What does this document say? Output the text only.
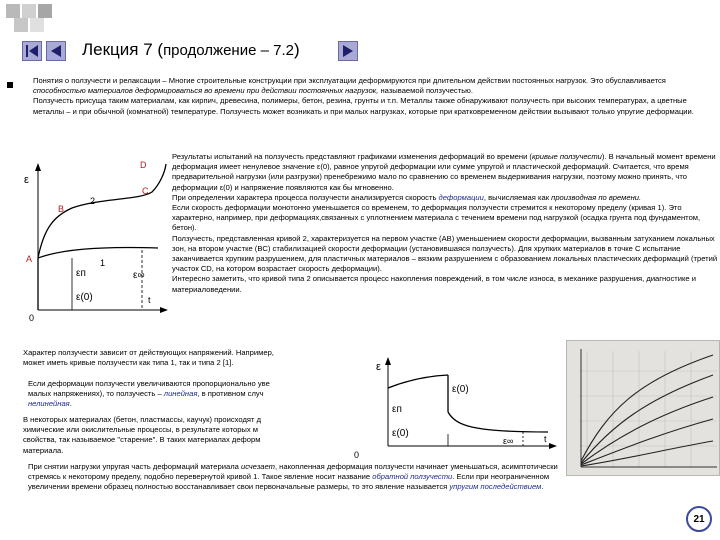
Лекция 7 (продолжение – 7.2)
Понятия о ползучести и релаксации – Многие строительные конструкции при эксплуатации деформируются при длительном действии постоянных нагрузок. Это обуславливается способностью материалов деформироваться во времени при действии постоянных нагрузок, называемой ползучестью.
Ползучесть присуща таким материалам, как кирпич, древесина, полимеры, бетон, резина, грунты и т.п. Металлы также обнаруживают ползучесть при высоких температурах, а цветные металлы – и при обычной (комнатной) температуре. Ползучесть может возникать и при малых нагрузках, которые при кратковременном действии вызывают только упругие деформации.
ε
t
0
A
B
C
D
1
2
εп
ε(0)
ε∞
Результаты испытаний на ползучесть представляют графиками изменения деформаций во времени (кривые ползучести). В начальный момент времени деформация имеет ненулевое значение ε(0), равное упругой деформации или сумме упругой и пластической деформаций. Считается, что время предварительной нагрузки (или разгрузки) пренебрежимо мало по сравнению со временем выдерживания нагрузки, поэтому можно принять, что деформации ε(0) и напряжение появляются как бы мгновенно.
При определении характера процесса ползучести анализируется скорость деформации, вычисляемая как производная по времени.
Если скорость деформации монотонно уменьшается со временем, то деформация ползучести стремится к некоторому пределу (кривая 1). Это характерно, например, при деформациях,связанных с уплотнением материала с течением времени под нагрузкой (осадка грунта под фундаментом, бетон).
Ползучесть, представленная кривой 2, характеризуется на первом участке (AB) уменьшением скорости деформации, вызванным затуханием локальных зон, на втором участке (BC) стабилизацией скорости деформации (установившаяся ползучесть). Для хрупких материалов в точке C испытание заканчивается хрупким разрушением, для пластичных материалов – вязким разрушением с образованием локальных пластических деформаций (третий участок CD, на котором возрастает скорость деформации).
Интересно заметить, что кривой типа 2 описывается процесс накопления повреждений, в том числе износа, в механике разрушения, диагностике и материаловедении.
Характер ползучести зависит от действующих напряжений. Например,
может иметь кривые ползучести как типа 1, так и типа 2 [1].
Если деформации ползучести увеличиваются пропорционально уве
малых напряжениях), то ползучесть – линейная, в противном случ
нелинейная.
В некоторых материалах (бетон, пластмассы, каучук) происходят д
химические или окислительные процессы, в результате которых м
свойства, так называемое "старение". В таких материалах деформ
материала.
ε
t
0
ε(0)
εп
ε(0)
ε∞
При снятии нагрузки упругая часть деформаций материала исчезает, накопленная деформация ползучести начинает уменьшаться, асимптотически стремясь к некоторому пределу, подобно перевернутой кривой 1. Такое явление носит название обратной ползучести. Если при неограниченном увеличении времени образец полностью восстанавливает свои первоначальные размеры, то это явление называется упругим последействием.
21
